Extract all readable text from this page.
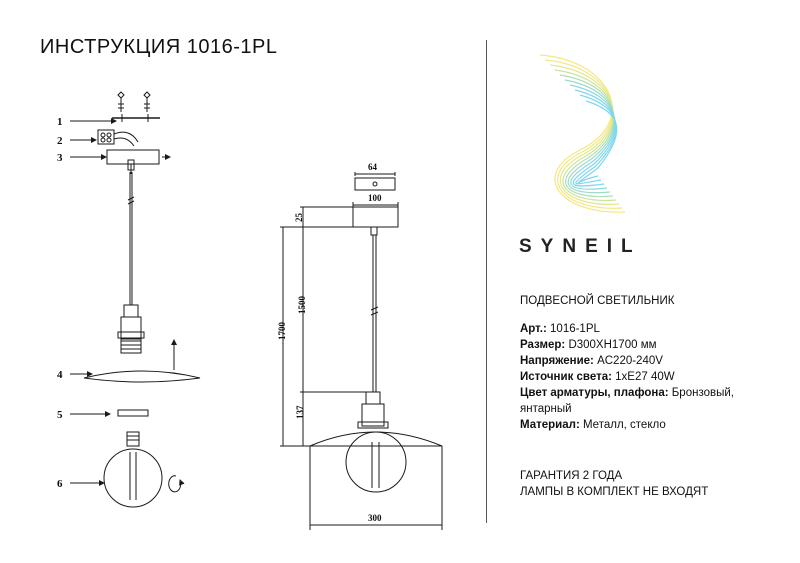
ИНСТРУКЦИЯ 1016-1PL
1
2
3
4
5
6
64
100
25
1700
1500
137
300
SYNEIL
ПОДВЕСНОЙ СВЕТИЛЬНИК
Арт.: 1016-1PL
Размер: D300XH1700 мм
Напряжение: AC220-240V
Источник света: 1xE27 40W
Цвет арматуры, плафона: Бронзовый, янтарный
Материал: Металл, стекло
ГАРАНТИЯ 2 ГОДА
ЛАМПЫ В КОМПЛЕКТ НЕ ВХОДЯТ
